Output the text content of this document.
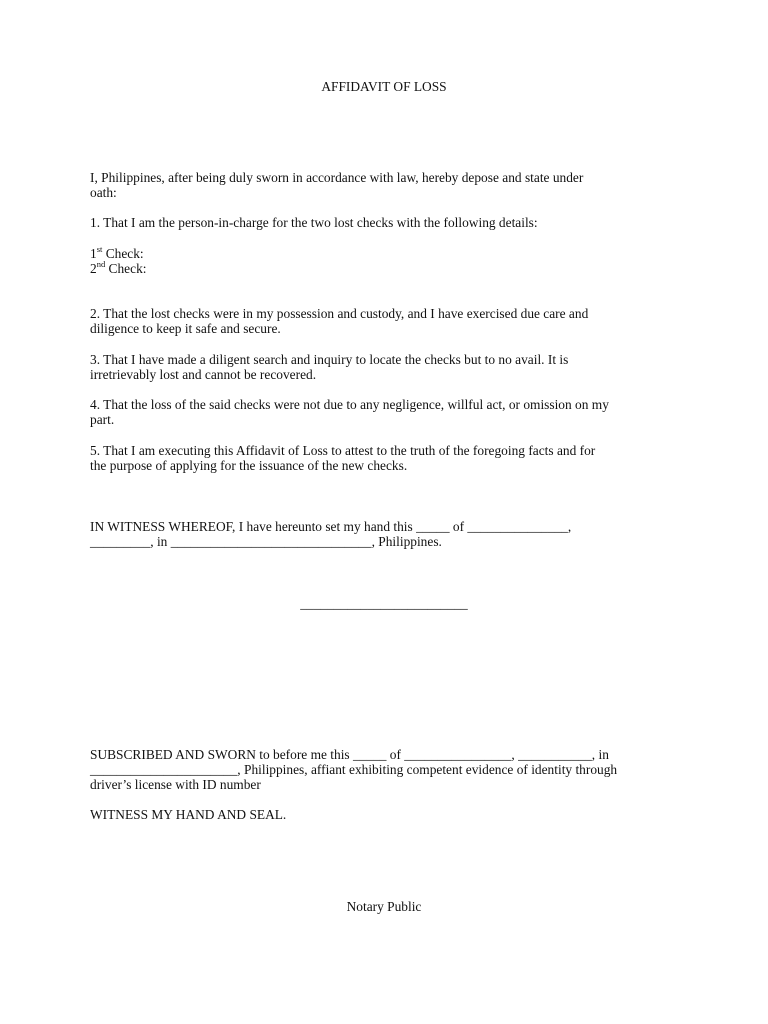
AFFIDAVIT OF LOSS
I, Philippines, after being duly sworn in accordance with law, hereby depose and state under
oath:
1. That I am the person-in-charge for the two lost checks with the following details:
1st Check:
2nd Check:
2. That the lost checks were in my possession and custody, and I have exercised due care and
diligence to keep it safe and secure.
3. That I have made a diligent search and inquiry to locate the checks but to no avail. It is
irretrievably lost and cannot be recovered.
4. That the loss of the said checks were not due to any negligence, willful act, or omission on my
part.
5. That I am executing this Affidavit of Loss to attest to the truth of the foregoing facts and for
the purpose of applying for the issuance of the new checks.
IN WITNESS WHEREOF, I have hereunto set my hand this _____ of _______________,
_________, in ______________________________, Philippines.
_________________________
SUBSCRIBED AND SWORN to before me this _____ of ________________, ___________, in
______________________, Philippines, affiant exhibiting competent evidence of identity through
driver’s license with ID number
WITNESS MY HAND AND SEAL.
Notary Public
